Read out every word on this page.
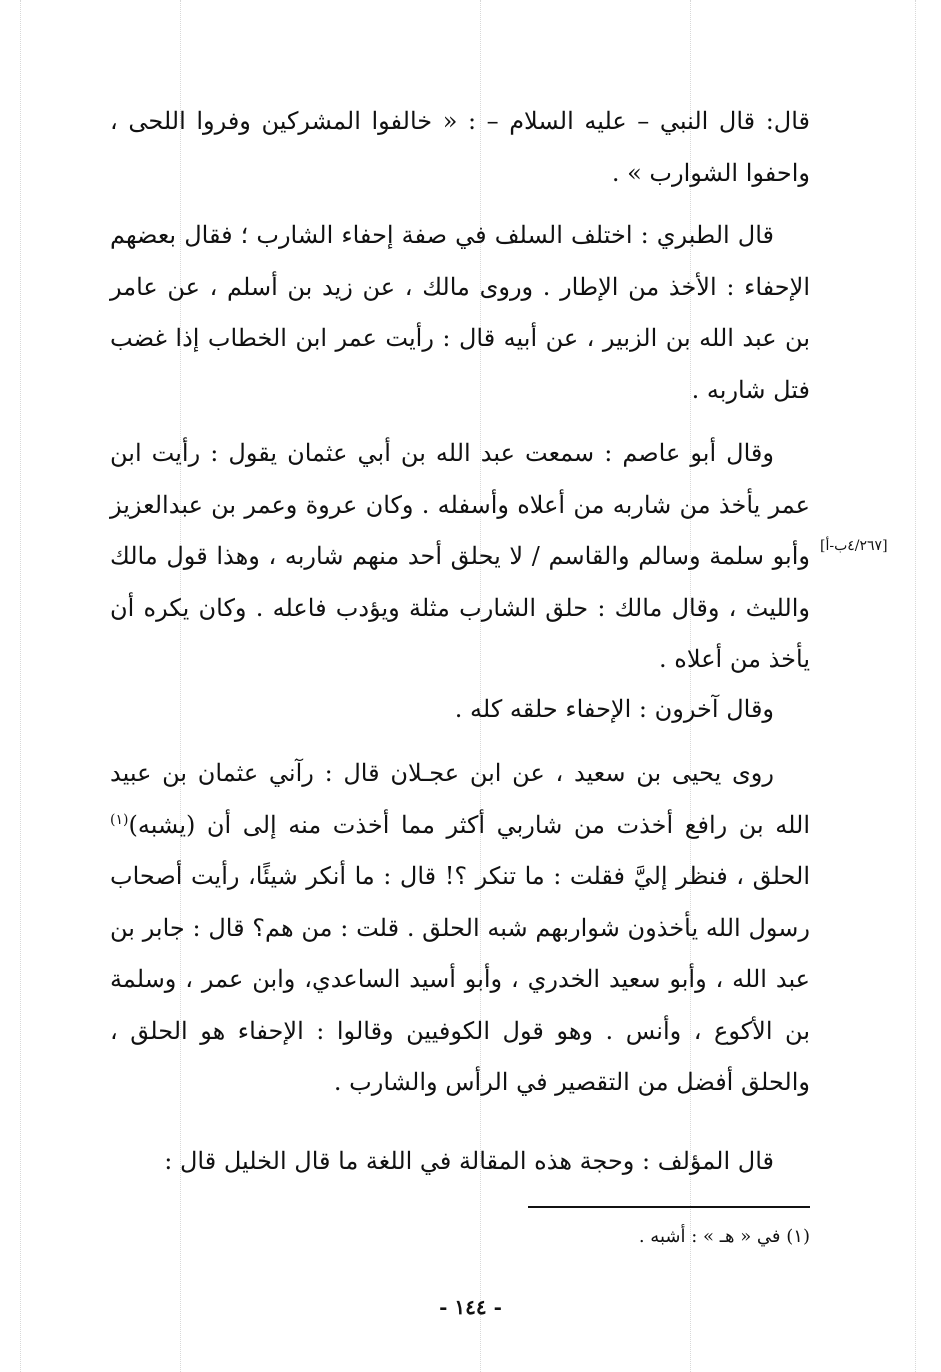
قال: قال النبي – عليه السلام – : « خالفوا المشركين وفروا اللحى ، واحفوا الشوارب » .
قال الطبري : اختلف السلف في صفة إحفاء الشارب ؛ فقال بعضهم الإحفاء : الأخذ من الإطار . وروى مالك ، عن زيد بن أسلم ، عن عامر بن عبد الله بن الزبير ، عن أبيه قال : رأيت عمر ابن الخطاب إذا غضب فتل شاربه .
وقال أبو عاصم : سمعت عبد الله بن أبي عثمان يقول : رأيت ابن عمر يأخذ من شاربه من أعلاه وأسفله . وكان عروة وعمر بن عبدالعزيز وأبو سلمة وسالم والقاسم / لا يحلق أحد منهم شاربه ، وهذا قول مالك والليث ، وقال مالك : حلق الشارب مثلة ويؤدب فاعله . وكان يكره أن يأخذ من أعلاه .
وقال آخرون : الإحفاء حلقه كله .
روى يحيى بن سعيد ، عن ابن عجـلان قال : رآني عثمان بن عبيد الله بن رافع أخذت من شاربي أكثر مما أخذت منه إلى أن (يشبه)$^{(١)}$ الحلق ، فنظر إليَّ فقلت : ما تنكر ؟! قال : ما أنكر شيئًا، رأيت أصحاب رسول الله يأخذون شواربهم شبه الحلق . قلت : من هم؟ قال : جابر بن عبد الله ، وأبو سعيد الخدري ، وأبو أسيد الساعدي، وابن عمر ، وسلمة بن الأكوع ، وأنس . وهو قول الكوفيين وقالوا : الإحفاء هو الحلق ، والحلق أفضل من التقصير في الرأس والشارب .
قال المؤلف : وحجة هذه المقالة في اللغة ما قال الخليل قال :
[٤/٢٦٧ب-أ]
(١) في « هـ » : أشبه .
- ١٤٤ -
